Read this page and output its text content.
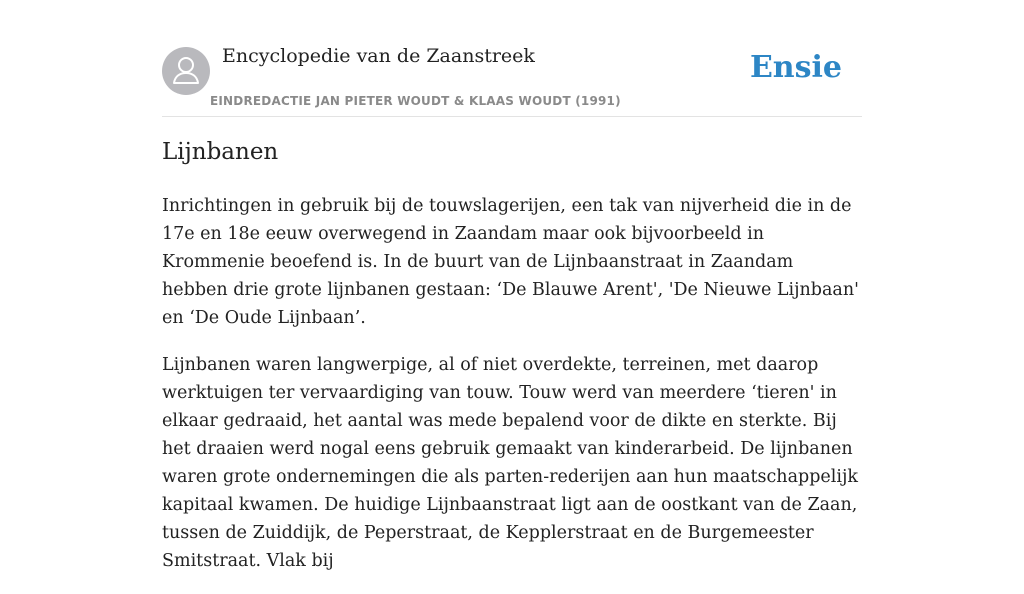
Encyclopedie van de Zaanstreek
EINDREDACTIE JAN PIETER WOUDT & KLAAS WOUDT (1991)
Ensie
Lijnbanen

Inrichtingen in gebruik bij de touwslagerijen, een tak van nijverheid die in de 17e en 18e eeuw overwegend in Zaandam maar ook bijvoorbeeld in Krommenie beoefend is. In de buurt van de Lijnbaanstraat in Zaandam hebben drie grote lijnbanen gestaan: ‘De Blauwe Arent', 'De Nieuwe Lijnbaan' en ‘De Oude Lijnbaan’.

Lijnbanen waren langwerpige, al of niet overdekte, terreinen, met daarop werktuigen ter vervaardiging van touw. Touw werd van meerdere ‘tieren' in elkaar gedraaid, het aantal was mede bepalend voor de dikte en sterkte. Bij het draaien werd nogal eens gebruik gemaakt van kinderarbeid. De lijnbanen waren grote ondernemingen die als parten-rederijen aan hun maatschappelijk kapitaal kwamen. De huidige Lijnbaanstraat ligt aan de oostkant van de Zaan, tussen de Zuiddijk, de Peperstraat, de Kepplerstraat en de Burgemeester Smitstraat. Vlak bij
